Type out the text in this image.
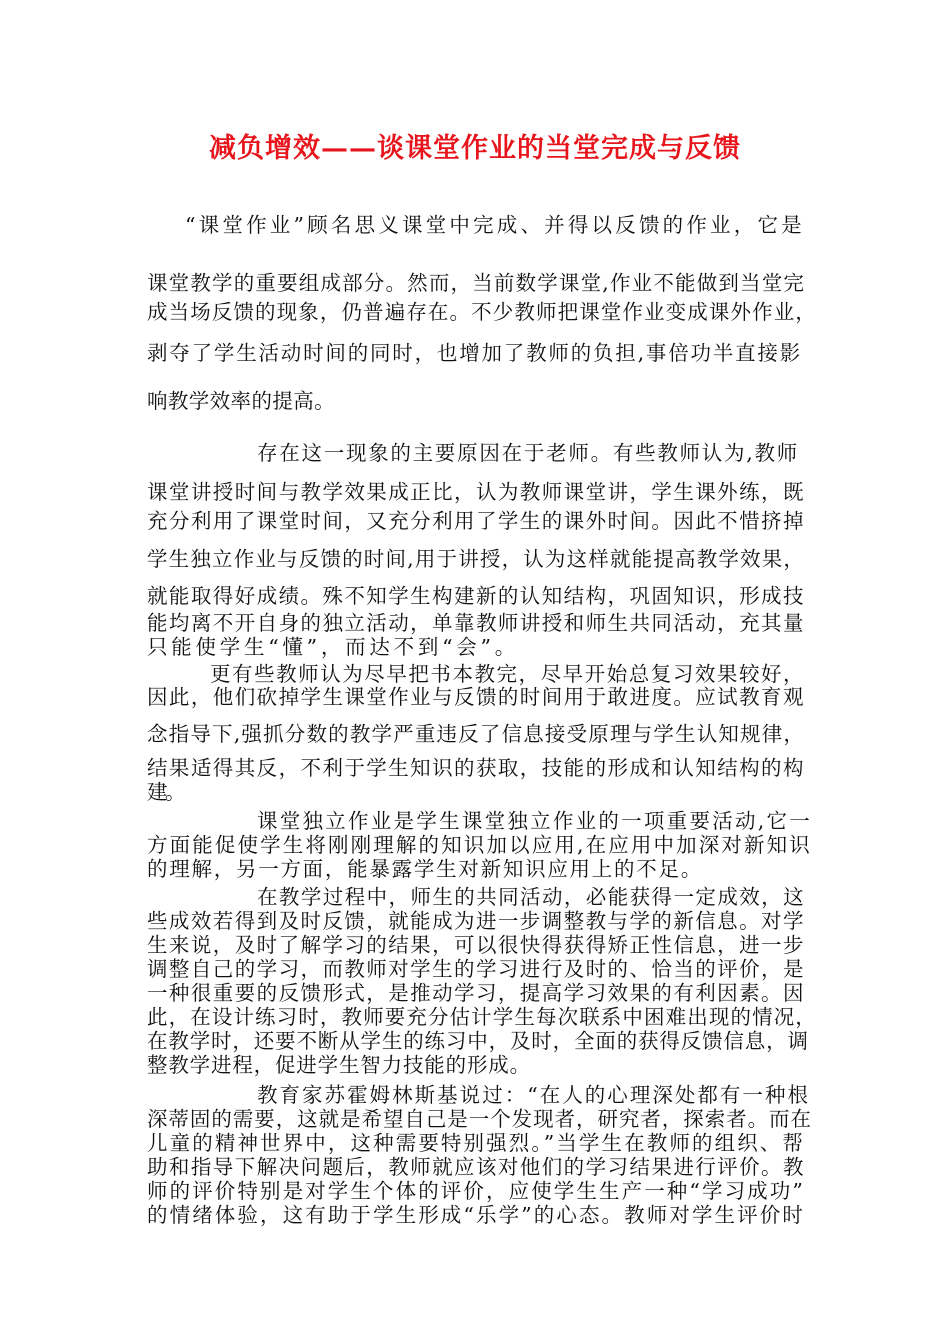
减负增效——谈课堂作业的当堂完成与反馈
“课堂作业”顾名思义课堂中完成、并得以反馈的作业，它是
课堂教学的重要组成部分。然而，当前数学课堂,作业不能做到当堂完
成当场反馈的现象，仍普遍存在。不少教师把课堂作业变成课外作业，
剥夺了学生活动时间的同时，也增加了教师的负担,事倍功半直接影
响教学效率的提高。
存在这一现象的主要原因在于老师。有些教师认为,教师
课堂讲授时间与教学效果成正比，认为教师课堂讲，学生课外练，既
充分利用了课堂时间，又充分利用了学生的课外时间。因此不惜挤掉
学生独立作业与反馈的时间,用于讲授，认为这样就能提高教学效果，
就能取得好成绩。殊不知学生构建新的认知结构，巩固知识，形成技
能均离不开自身的独立活动，单靠教师讲授和师生共同活动，充其量
只能使学生“懂”，而达不到“会”。
更有些教师认为尽早把书本教完，尽早开始总复习效果较好，
因此，他们砍掉学生课堂作业与反馈的时间用于敢进度。应试教育观
念指导下,强抓分数的教学严重违反了信息接受原理与学生认知规律，
结果适得其反，不利于学生知识的获取，技能的形成和认知结构的构
建。
课堂独立作业是学生课堂独立作业的一项重要活动,它一
方面能促使学生将刚刚理解的知识加以应用,在应用中加深对新知识
的理解，另一方面，能暴露学生对新知识应用上的不足。
在教学过程中，师生的共同活动，必能获得一定成效，这
些成效若得到及时反馈，就能成为进一步调整教与学的新信息。对学
生来说，及时了解学习的结果，可以很快得获得矫正性信息，进一步
调整自己的学习，而教师对学生的学习进行及时的、恰当的评价，是
一种很重要的反馈形式，是推动学习，提高学习效果的有利因素。因
此，在设计练习时，教师要充分估计学生每次联系中困难出现的情况，
在教学时，还要不断从学生的练习中，及时，全面的获得反馈信息，调
整教学进程，促进学生智力技能的形成。
教育家苏霍姆林斯基说过：“在人的心理深处都有一种根
深蒂固的需要，这就是希望自己是一个发现者，研究者，探索者。而在
儿童的精神世界中，这种需要特别强烈。”当学生在教师的组织、帮
助和指导下解决问题后，教师就应该对他们的学习结果进行评价。教
师的评价特别是对学生个体的评价，应使学生生产一种“学习成功”
的情绪体验，这有助于学生形成“乐学”的心态。教师对学生评价时
